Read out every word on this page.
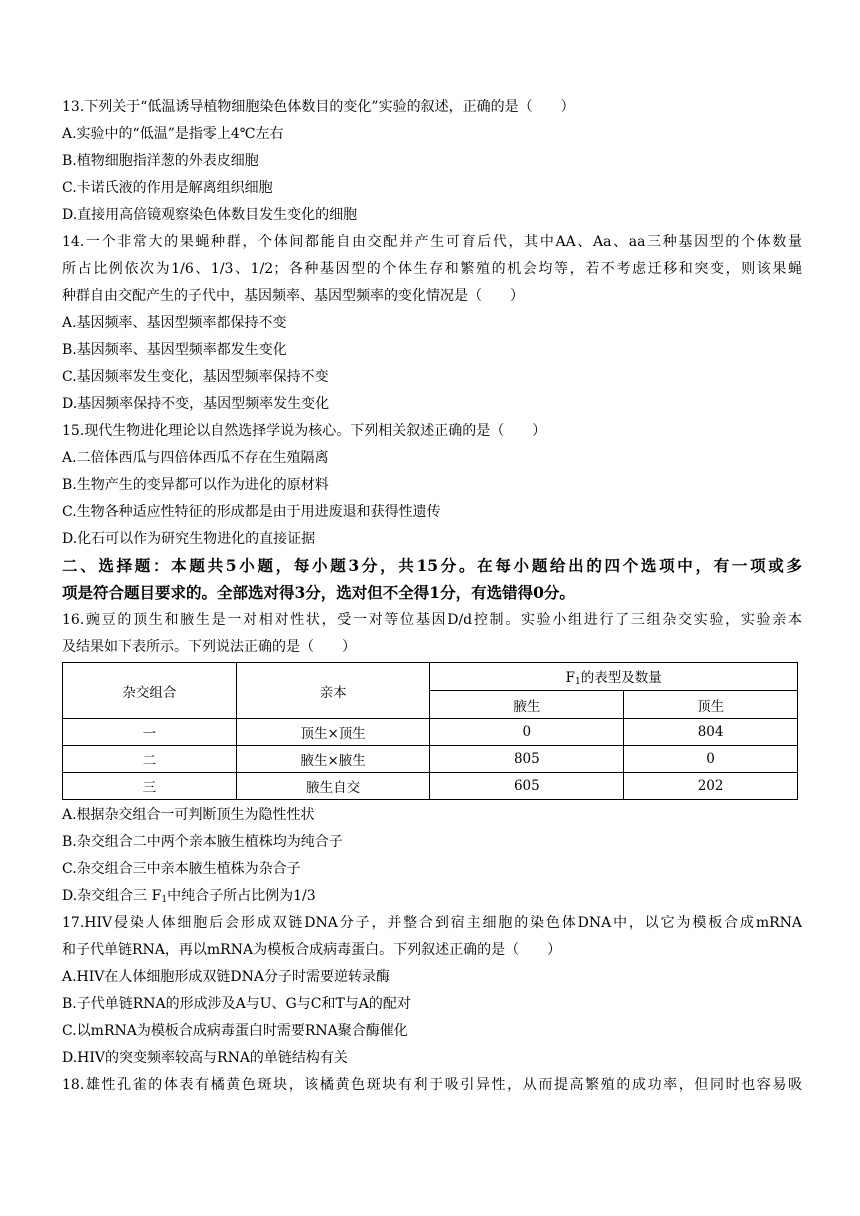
13.下列关于“低温诱导植物细胞染色体数目的变化”实验的叙述，正确的是（　　）
A.实验中的“低温”是指零上4℃左右
B.植物细胞指洋葱的外表皮细胞
C.卡诺氏液的作用是解离组织细胞
D.直接用高倍镜观察染色体数目发生变化的细胞
14.一个非常大的果蝇种群，个体间都能自由交配并产生可育后代，其中AA、Aa、aa三种基因型的个体数量
所占比例依次为1/6、1/3、1/2；各种基因型的个体生存和繁殖的机会均等，若不考虑迁移和突变，则该果蝇
种群自由交配产生的子代中，基因频率、基因型频率的变化情况是（　　）
A.基因频率、基因型频率都保持不变
B.基因频率、基因型频率都发生变化
C.基因频率发生变化，基因型频率保持不变
D.基因频率保持不变，基因型频率发生变化
15.现代生物进化理论以自然选择学说为核心。下列相关叙述正确的是（　　）
A.二倍体西瓜与四倍体西瓜不存在生殖隔离
B.生物产生的变异都可以作为进化的原材料
C.生物各种适应性特征的形成都是由于用进废退和获得性遗传
D.化石可以作为研究生物进化的直接证据
二、选择题：本题共5小题，每小题3分，共15分。在每小题给出的四个选项中，有一项或多
项是符合题目要求的。全部选对得3分，选对但不全得1分，有选错得0分。
16.豌豆的顶生和腋生是一对相对性状，受一对等位基因D/d控制。实验小组进行了三组杂交实验，实验亲本
及结果如下表所示。下列说法正确的是（　　）
杂交组合	亲本	$F_1$的表型及数量	
		腋生	顶生
一	顶生×顶生	0	804
二	腋生×腋生	805	0
三	腋生自交	605	202
A.根据杂交组合一可判断顶生为隐性性状
B.杂交组合二中两个亲本腋生植株均为纯合子
C.杂交组合三中亲本腋生植株为杂合子
D.杂交组合三 $F_1$中纯合子所占比例为1/3
17.HIV侵染人体细胞后会形成双链DNA分子，并整合到宿主细胞的染色体DNA中，以它为模板合成mRNA
和子代单链RNA，再以mRNA为模板合成病毒蛋白。下列叙述正确的是（　　）
A.HIV在人体细胞形成双链DNA分子时需要逆转录酶
B.子代单链RNA的形成涉及A与U、G与C和T与A的配对
C.以mRNA为模板合成病毒蛋白时需要RNA聚合酶催化
D.HIV的突变频率较高与RNA的单链结构有关
18.雄性孔雀的体表有橘黄色斑块，该橘黄色斑块有利于吸引异性，从而提高繁殖的成功率，但同时也容易吸
